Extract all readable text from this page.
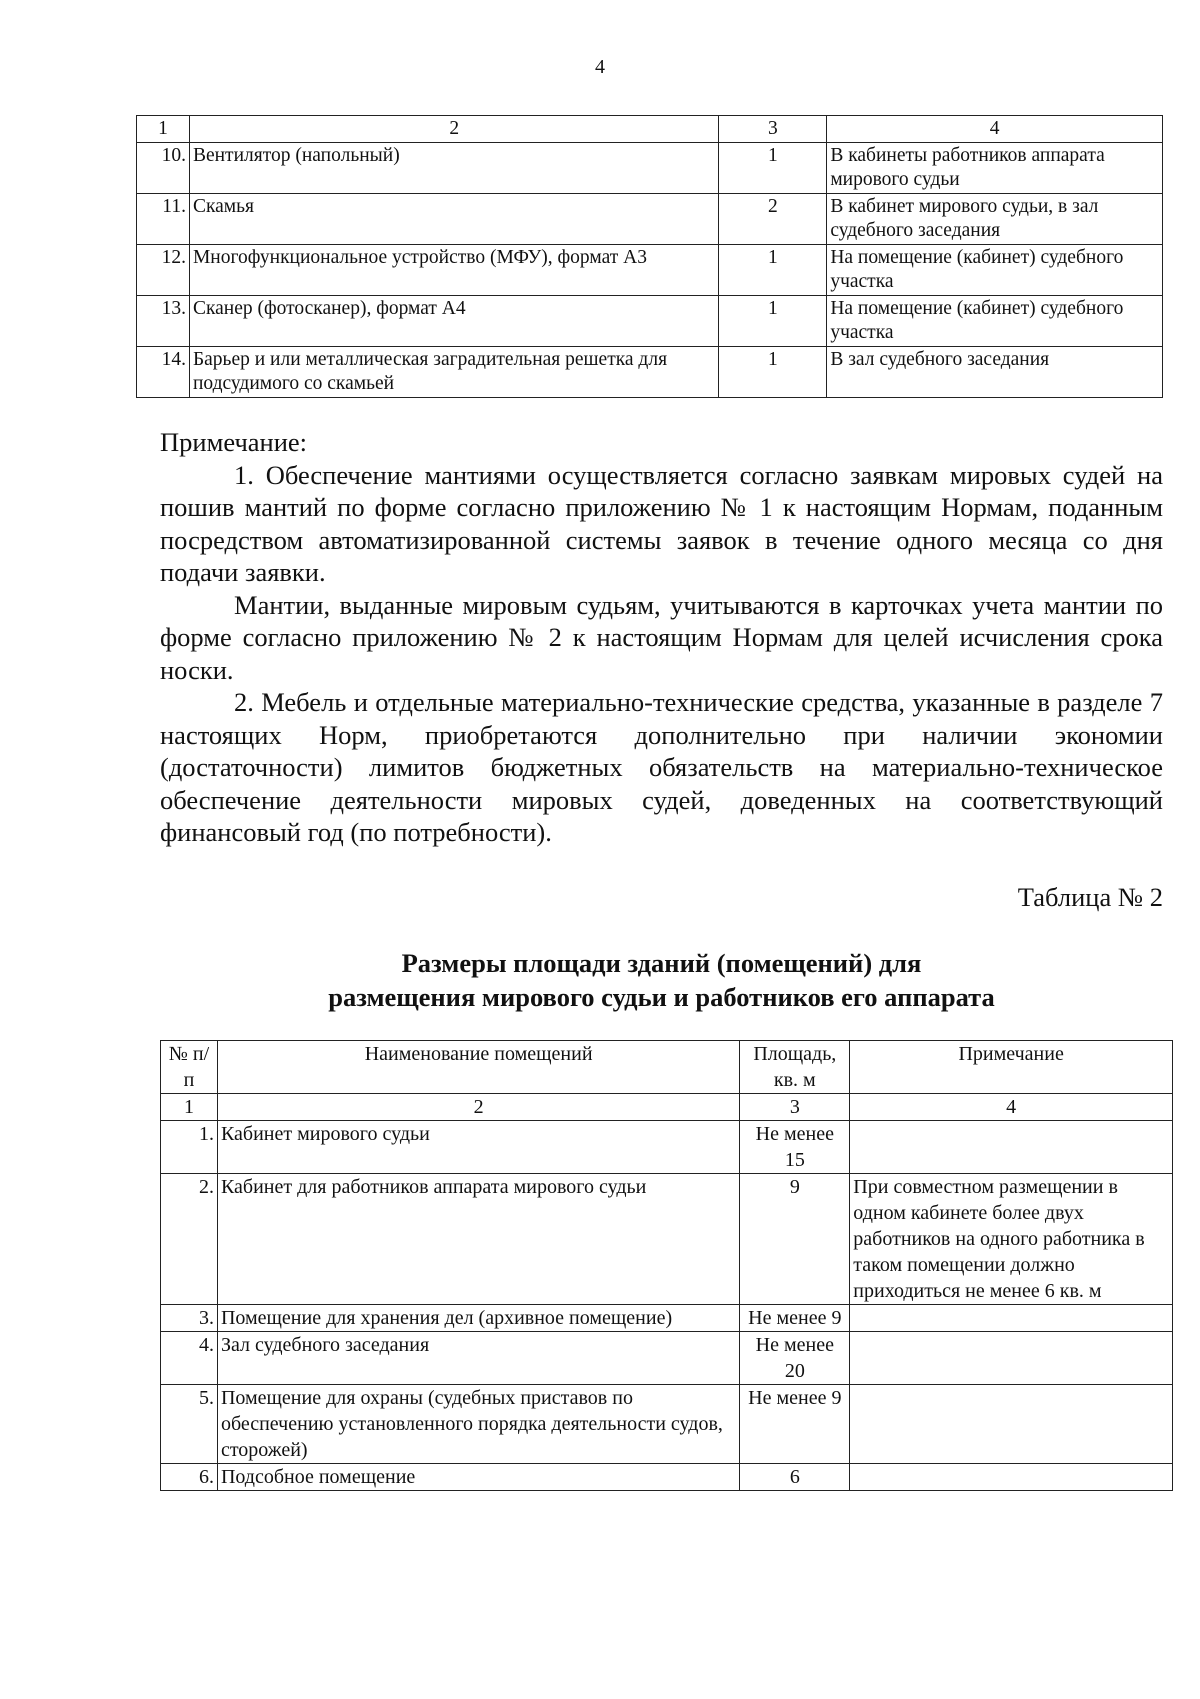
4
1	2	3	4
10.	Вентилятор (напольный)	1	В кабинеты работников аппарата мирового судьи
11.	Скамья	2	В кабинет мирового судьи, в зал судебного заседания
12.	Многофункциональное устройство (МФУ), формат А3	1	На помещение (кабинет) судебного участка
13.	Сканер (фотосканер), формат А4	1	На помещение (кабинет) судебного участка
14.	Барьер и или металлическая заградительная решетка для подсудимого со скамьей	1	В зал судебного заседания

Примечание:

1. Обеспечение мантиями осуществляется согласно заявкам мировых судей на пошив мантий по форме согласно приложению № 1 к настоящим Нормам, поданным посредством автоматизированной системы заявок в течение одного месяца со дня подачи заявки.

Мантии, выданные мировым судьям, учитываются в карточках учета мантии по форме согласно приложению № 2 к настоящим Нормам для целей исчисления срока носки.

2. Мебель и отдельные материально-технические средства, указанные в разделе 7 настоящих Норм, приобретаются дополнительно при наличии экономии (достаточности) лимитов бюджетных обязательств на материально-техническое обеспечение деятельности мировых судей, доведенных на соответствующий финансовый год (по потребности).

Таблица № 2
Размеры площади зданий (помещений) для
размещения мирового судьи и работников его аппарата
№ п/п	Наименование помещений	Площадь, кв. м	Примечание
1	2	3	4
1.	Кабинет мирового судьи	Не менее 15	
2.	Кабинет для работников аппарата мирового судьи	9	При совместном размещении в одном кабинете более двух работников на одного работника в таком помещении должно приходиться не менее 6 кв. м
3.	Помещение для хранения дел (архивное помещение)	Не менее 9	
4.	Зал судебного заседания	Не менее 20	
5.	Помещение для охраны (судебных приставов по обеспечению установленного порядка деятельности судов, сторожей)	Не менее 9	
6.	Подсобное помещение	6	
